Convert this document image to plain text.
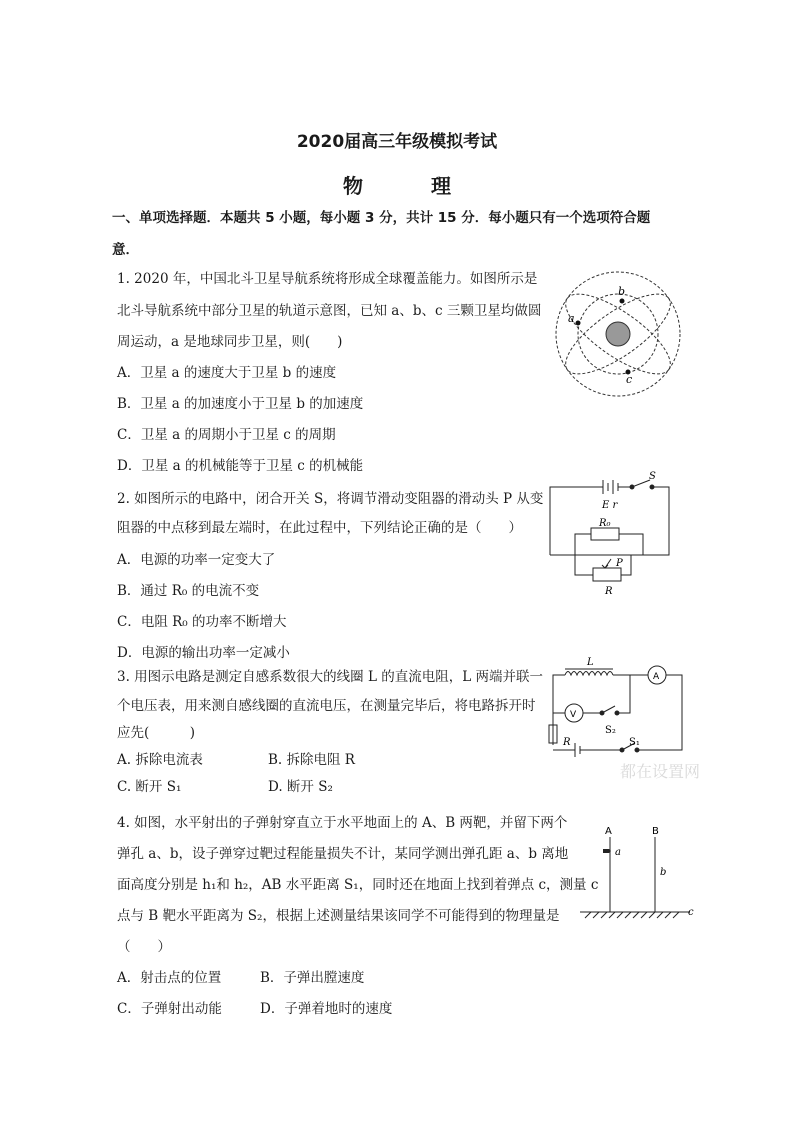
2020届高三年级模拟考试
物　理
一、单项选择题．本题共 5 小题，每小题 3 分，共计 15 分．每小题只有一个选项符合题
意．
1. 2020 年，中国北斗卫星导航系统将形成全球覆盖能力。如图所示是
北斗导航系统中部分卫星的轨道示意图，已知 a、b、c 三颗卫星均做圆
周运动，a 是地球同步卫星，则(　　)
A．卫星 a 的速度大于卫星 b 的速度
B．卫星 a 的加速度小于卫星 b 的加速度
C．卫星 a 的周期小于卫星 c 的周期
D．卫星 a 的机械能等于卫星 c 的机械能
a
b
c
2. 如图所示的电路中，闭合开关 S，将调节滑动变阻器的滑动头 P 从变
阻器的中点移到最左端时，在此过程中，下列结论正确的是（　　）
A．电源的功率一定变大了
B．通过 R₀ 的电流不变
C．电阻 R₀ 的功率不断增大
D．电源的输出功率一定减小
S
E r
R₀
P
R
3. 用图示电路是测定自感系数很大的线圈 L 的直流电阻，L 两端并联一
个电压表，用来测自感线圈的直流电压，在测量完毕后，将电路拆开时
应先(　　　)
A. 拆除电流表	B. 拆除电阻 R
C. 断开 S₁	D. 断开 S₂
L
A
V
S₂
R	S₁
都在设置网
4. 如图，水平射出的子弹射穿直立于水平地面上的 A、B 两靶，并留下两个
弹孔 a、b，设子弹穿过靶过程能量损失不计，某同学测出弹孔距 a、b 离地
面高度分别是 h₁和 h₂，AB 水平距离 S₁，同时还在地面上找到着弹点 c，测量 c
点与 B 靶水平距离为 S₂，根据上述测量结果该同学不可能得到的物理量是
（　　）
A．射击点的位置	B．子弹出膛速度
C．子弹射出动能	D．子弹着地时的速度
A	B
a
b
c
